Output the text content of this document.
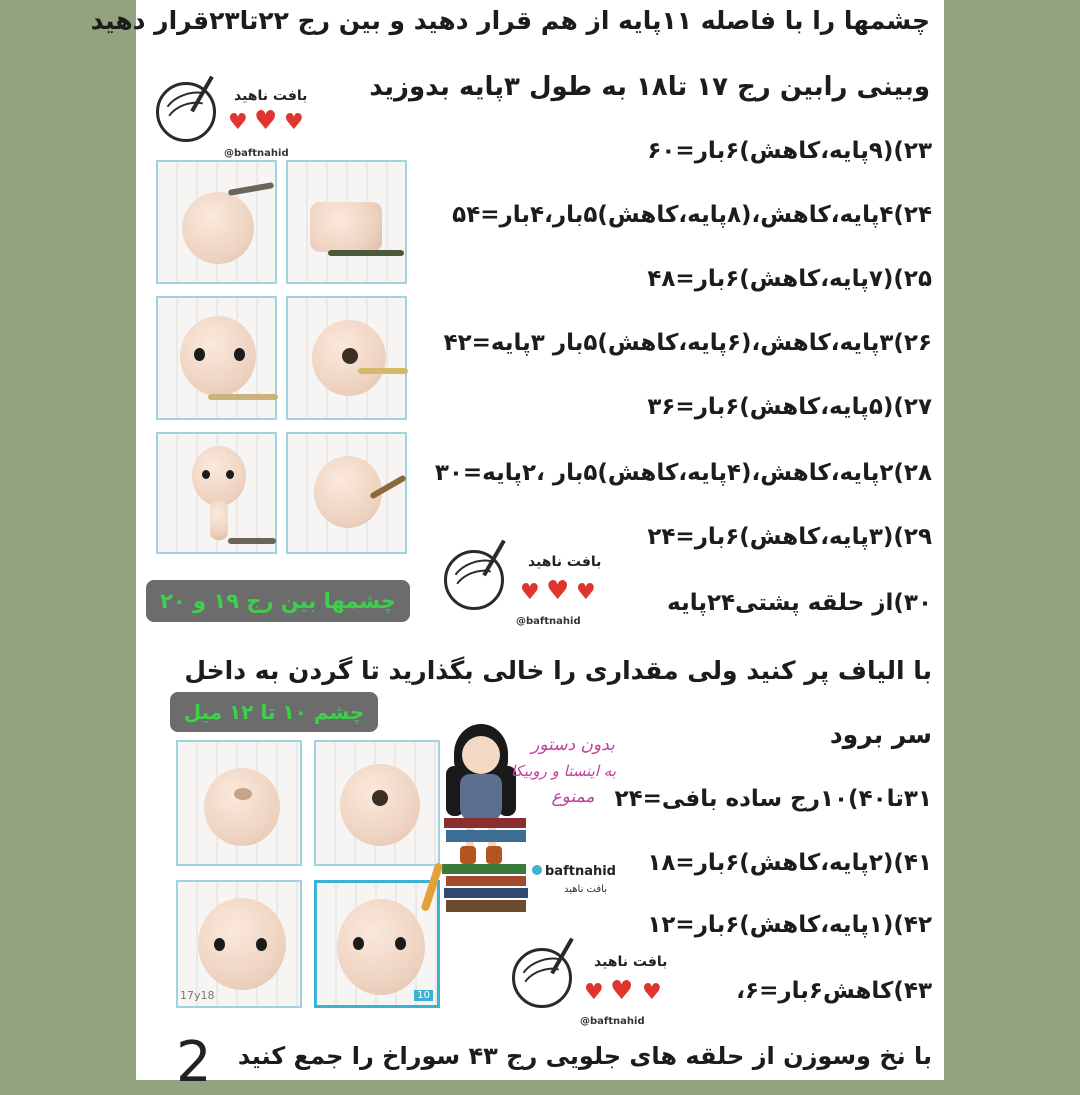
چشمها را با فاصله ۱۱پایه از هم قرار دهید و بین رج ۲۲تا۲۳قرار دهید
وبینی رابین رج ۱۷ تا۱۸ به طول ۳پایه بدوزید
بافت ناهید
♥ ♥ ♥
@baftnahid
چشمها بین رج ۱۹ و ۲۰
۲۳)(۹پایه،کاهش)۶بار=۶۰
۲۴)۴پایه،کاهش،(۸پایه،کاهش)۵بار،۴بار=۵۴
۲۵)(۷پایه،کاهش)۶بار=۴۸
۲۶)۳پایه،کاهش،(۶پایه،کاهش)۵بار ۳پایه=۴۲
۲۷)(۵پایه،کاهش)۶بار=۳۶
۲۸)۲پایه،کاهش،(۴پایه،کاهش)۵بار ،۲پایه=۳۰
۲۹)(۳پایه،کاهش)۶بار=۲۴
۳۰)از حلقه پشتی۲۴پایه
بافت ناهید
♥ ♥ ♥
@baftnahid
با الیاف پر کنید ولی مقداری را خالی بگذارید تا گردن به داخل
سر برود
چشم ۱۰ تا ۱۲ میل
17y18	10
بدون دستور
به اینستا و روبیکا
ممنوع
baftnahid
بافت ناهید
۳۱تا۴۰)۱۰رج ساده بافی=۲۴
۴۱)(۲پایه،کاهش)۶بار=۱۸
۴۲)(۱پایه،کاهش)۶بار=۱۲
۴۳)کاهش۶بار=۶،
بافت ناهید
♥ ♥ ♥
@baftnahid
2 با نخ وسوزن از حلقه های جلویی رج ۴۳ سوراخ را جمع کنید
